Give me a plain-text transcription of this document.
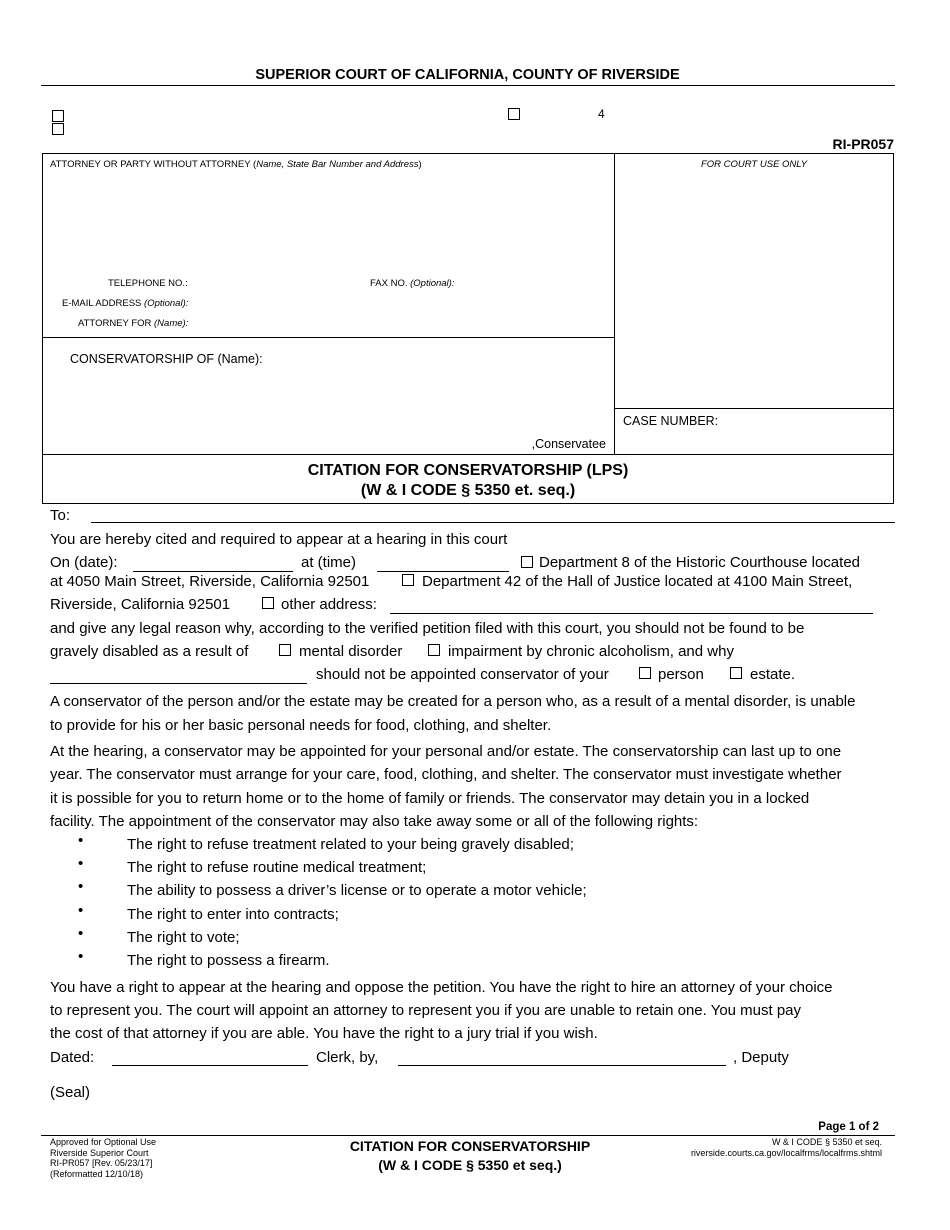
SUPERIOR COURT OF CALIFORNIA, COUNTY OF RIVERSIDE
4
RI-PR057
ATTORNEY OR PARTY WITHOUT ATTORNEY (Name, State Bar Number and Address)	FOR COURT USE ONLY
TELEPHONE NO.:	FAX NO. (Optional):
E-MAIL ADDRESS (Optional):
ATTORNEY FOR (Name):
CONSERVATORSHIP OF (Name):
,Conservatee
CASE NUMBER:
CITATION FOR CONSERVATORSHIP (LPS)
(W & I CODE § 5350 et. seq.)
To:
You are hereby cited and required to appear at a hearing in this court
On (date):	at (time)	Department 8 of the Historic Courthouse located
at 4050 Main Street, Riverside, California 92501	Department 42 of the Hall of Justice located at 4100 Main Street,
Riverside, California 92501	other address:
and give any legal reason why, according to the verified petition filed with this court, you should not be found to be
gravely disabled as a result of	mental disorder	impairment by chronic alcoholism, and why
should not be appointed conservator of your	person	estate.
A conservator of the person and/or the estate may be created for a person who, as a result of a mental disorder, is unable
to provide for his or her basic personal needs for food, clothing, and shelter.
At the hearing, a conservator may be appointed for your personal and/or estate. The conservatorship can last up to one
year. The conservator must arrange for your care, food, clothing, and shelter. The conservator must investigate whether
it is possible for you to return home or to the home of family or friends. The conservator may detain you in a locked
facility. The appointment of the conservator may also take away some or all of the following rights:
•	The right to refuse treatment related to your being gravely disabled;
•	The right to refuse routine medical treatment;
•	The ability to possess a driver’s license or to operate a motor vehicle;
•	The right to enter into contracts;
•	The right to vote;
•	The right to possess a firearm.
You have a right to appear at the hearing and oppose the petition. You have the right to hire an attorney of your choice
to represent you. The court will appoint an attorney to represent you if you are unable to retain one. You must pay
the cost of that attorney if you are able. You have the right to a jury trial if you wish.
Dated:	Clerk, by,	, Deputy
(Seal)
Page 1 of 2
Approved for Optional Use
Riverside Superior Court
RI-PR057 [Rev. 05/23/17]
(Reformatted 12/10/18)
CITATION FOR CONSERVATORSHIP
(W & I CODE § 5350 et seq.)
W & I CODE § 5350 et seq.
riverside.courts.ca.gov/localfrms/localfrms.shtml
